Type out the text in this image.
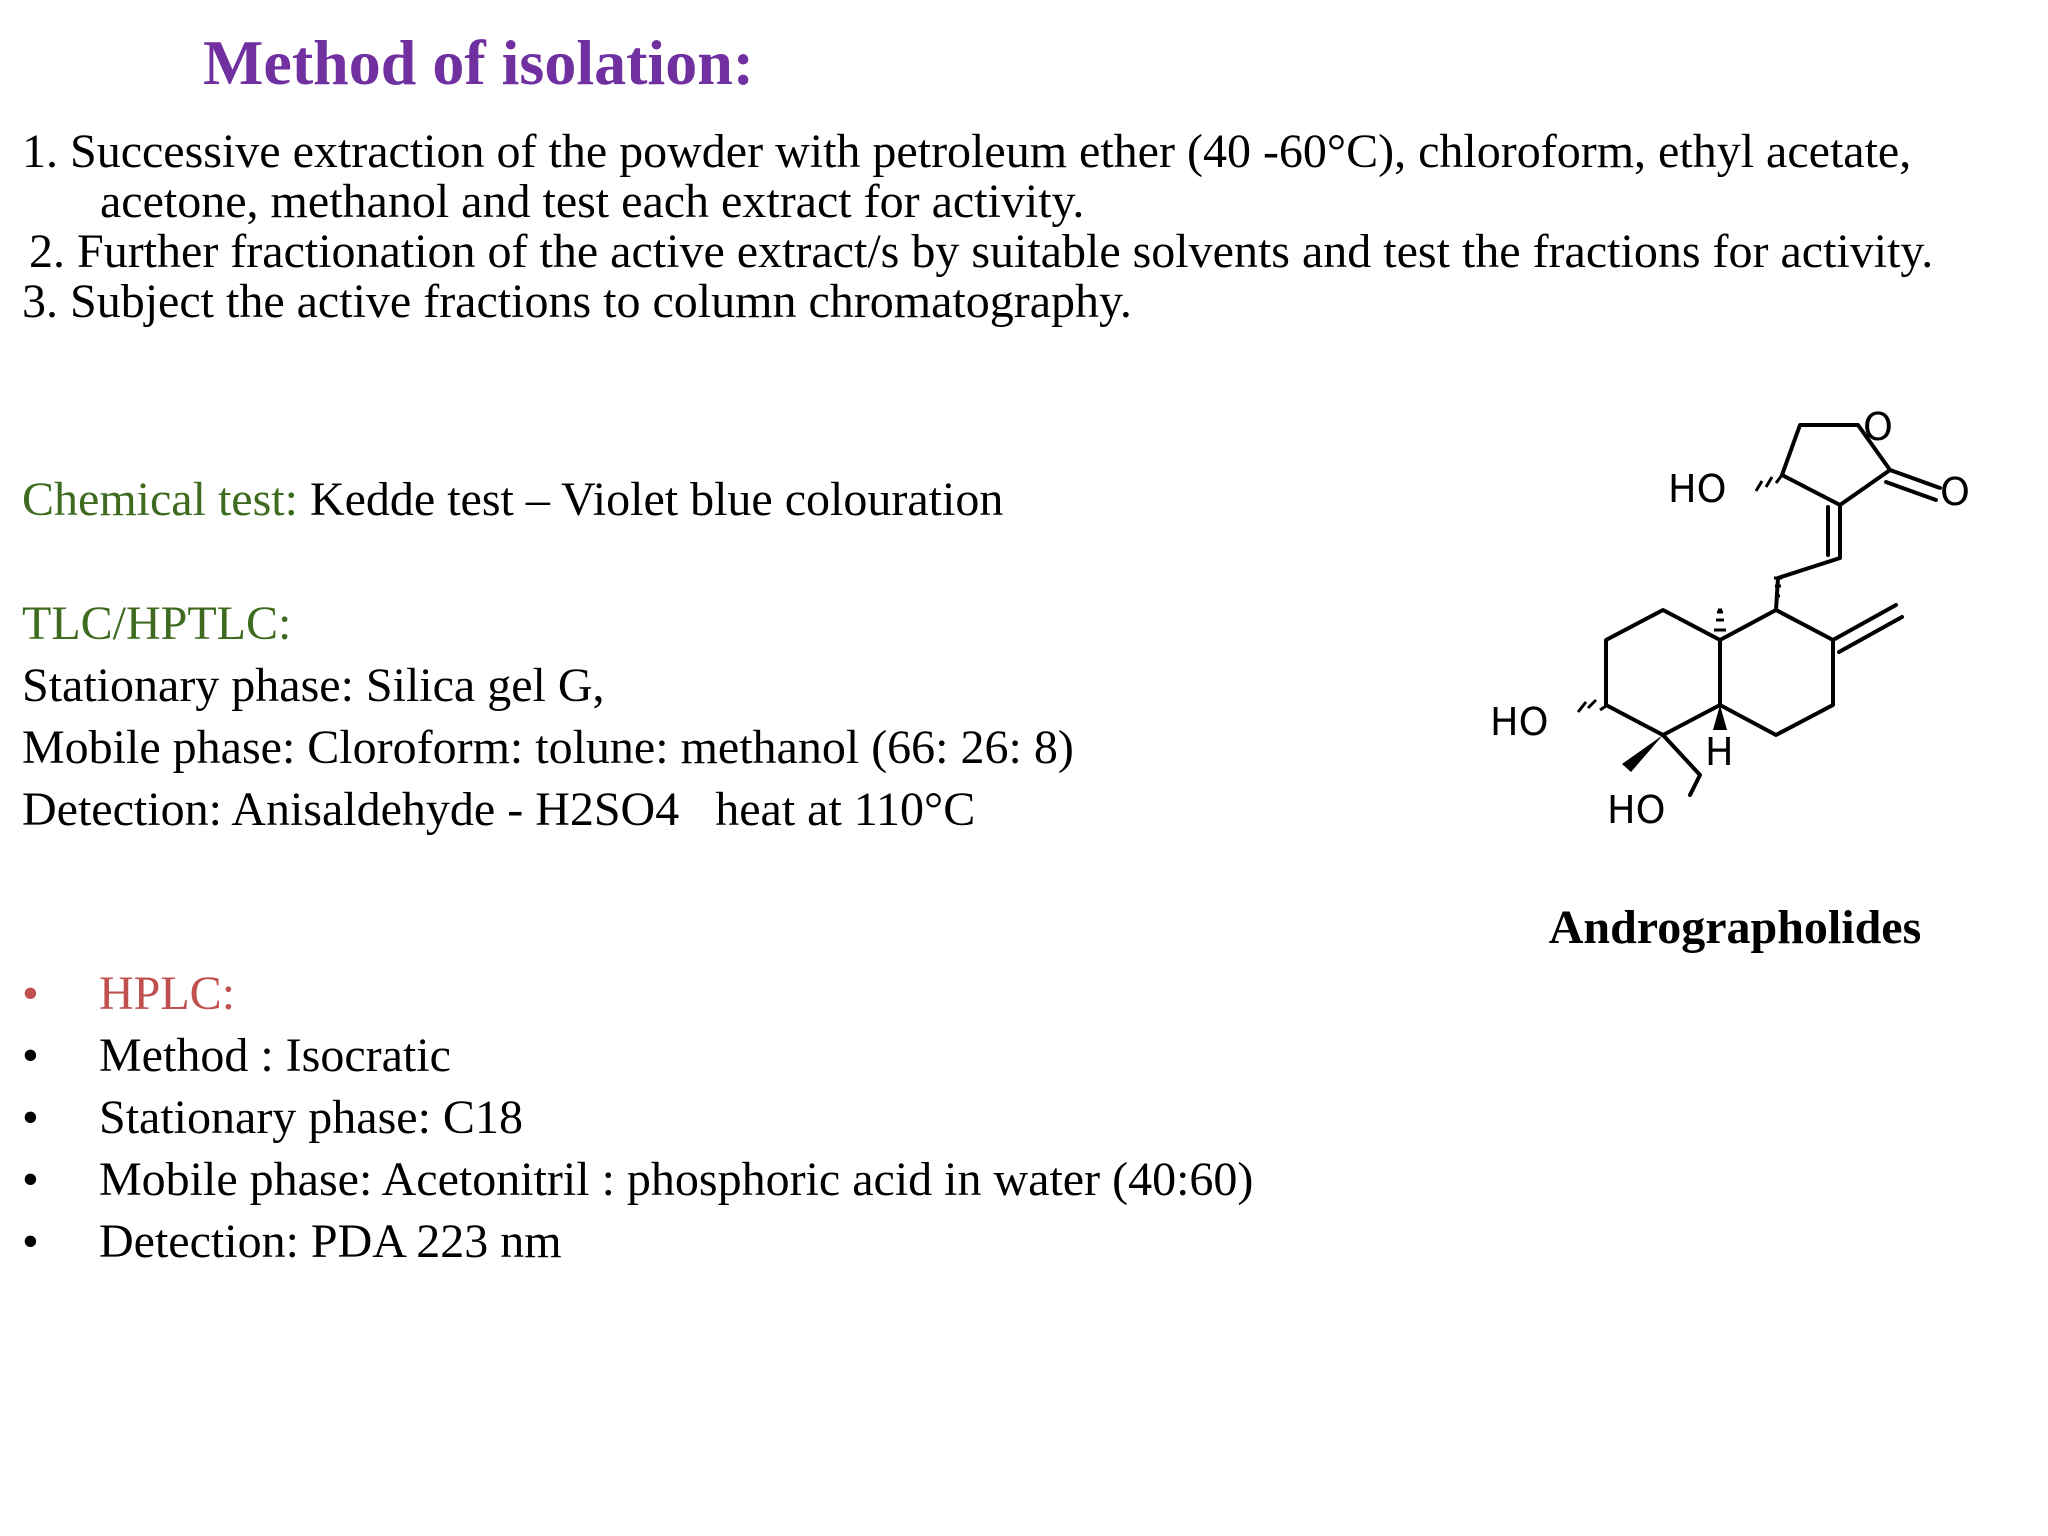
Method of isolation:

1. Successive extraction of the powder with petroleum ether (40 -60°C), chloroform, ethyl acetate, acetone, methanol and test each extract for activity.

2. Further fractionation of the active extract/s by suitable solvents and test the fractions for activity.

3. Subject the active fractions to column chromatography.

Chemical test: Kedde test – Violet blue colouration

TLC/HPTLC:

Stationary phase: Silica gel G,

Mobile phase: Cloroform: tolune: methanol (66: 26: 8)

Detection: Anisaldehyde - H2SO4   heat at 110°C

• HPLC:
• Method : Isocratic
• Stationary phase: C18
• Mobile phase: Acetonitril : phosphoric acid in water (40:60)
• Detection: PDA 223 nm
O
O
HO
HO
HO
H

Andrographolides
